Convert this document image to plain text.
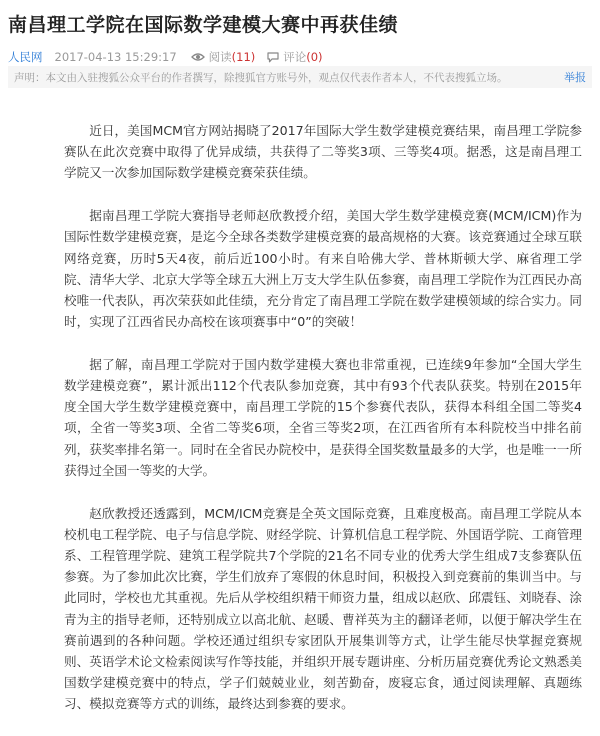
南昌理工学院在国际数学建模大赛中再获佳绩
人民网 2017-04-13 15:29:17	阅读 (11) 评论 (0)
声明：本文由入驻搜狐公众平台的作者撰写，除搜狐官方账号外，观点仅代表作者本人，不代表搜狐立场。	举报

近日，美国MCM官方网站揭晓了2017年国际大学生数学建模竞赛结果，南昌理工学院参赛队在此次竞赛中取得了优异成绩，共获得了二等奖3项、三等奖4项。据悉，这是南昌理工学院又一次参加国际数学建模竞赛荣获佳绩。

据南昌理工学院大赛指导老师赵欣教授介绍，美国大学生数学建模竞赛(MCM/ICM)作为国际性数学建模竞赛，是迄今全球各类数学建模竞赛的最高规格的大赛。该竞赛通过全球互联网络竞赛，历时5天4夜，前后近100小时。有来自哈佛大学、普林斯顿大学、麻省理工学院、清华大学、北京大学等全球五大洲上万支大学生队伍参赛，南昌理工学院作为江西民办高校唯一代表队，再次荣获如此佳绩，充分肯定了南昌理工学院在数学建模领域的综合实力。同时，实现了江西省民办高校在该项赛事中“0”的突破！

据了解，南昌理工学院对于国内数学建模大赛也非常重视，已连续9年参加“全国大学生数学建模竞赛”，累计派出112个代表队参加竞赛，其中有93个代表队获奖。特别在2015年度全国大学生数学建模竞赛中，南昌理工学院的15个参赛代表队，获得本科组全国二等奖4项，全省一等奖3项、全省二等奖6项，全省三等奖2项，在江西省所有本科院校当中排名前列，获奖率排名第一。同时在全省民办院校中，是获得全国奖数量最多的大学，也是唯一一所获得过全国一等奖的大学。

赵欣教授还透露到，MCM/ICM竞赛是全英文国际竞赛，且难度极高。南昌理工学院从本校机电工程学院、电子与信息学院、财经学院、计算机信息工程学院、外国语学院、工商管理系、工程管理学院、建筑工程学院共7个学院的21名不同专业的优秀大学生组成7支参赛队伍参赛。为了参加此次比赛，学生们放弃了寒假的休息时间，积极投入到竞赛前的集训当中。与此同时，学校也尤其重视。先后从学校组织精干师资力量，组成以赵欣、邱震钰、刘晓春、涂青为主的指导老师，还特别成立以高北航、赵暖、曹祥英为主的翻译老师，以便于解决学生在赛前遇到的各种问题。学校还通过组织专家团队开展集训等方式，让学生能尽快掌握竞赛规则、英语学术论文检索阅读写作等技能，并组织开展专题讲座、分析历届竞赛优秀论文熟悉美国数学建模竞赛中的特点，学子们兢兢业业，刻苦勤奋，废寝忘食，通过阅读理解、真题练习、模拟竞赛等方式的训练，最终达到参赛的要求。
